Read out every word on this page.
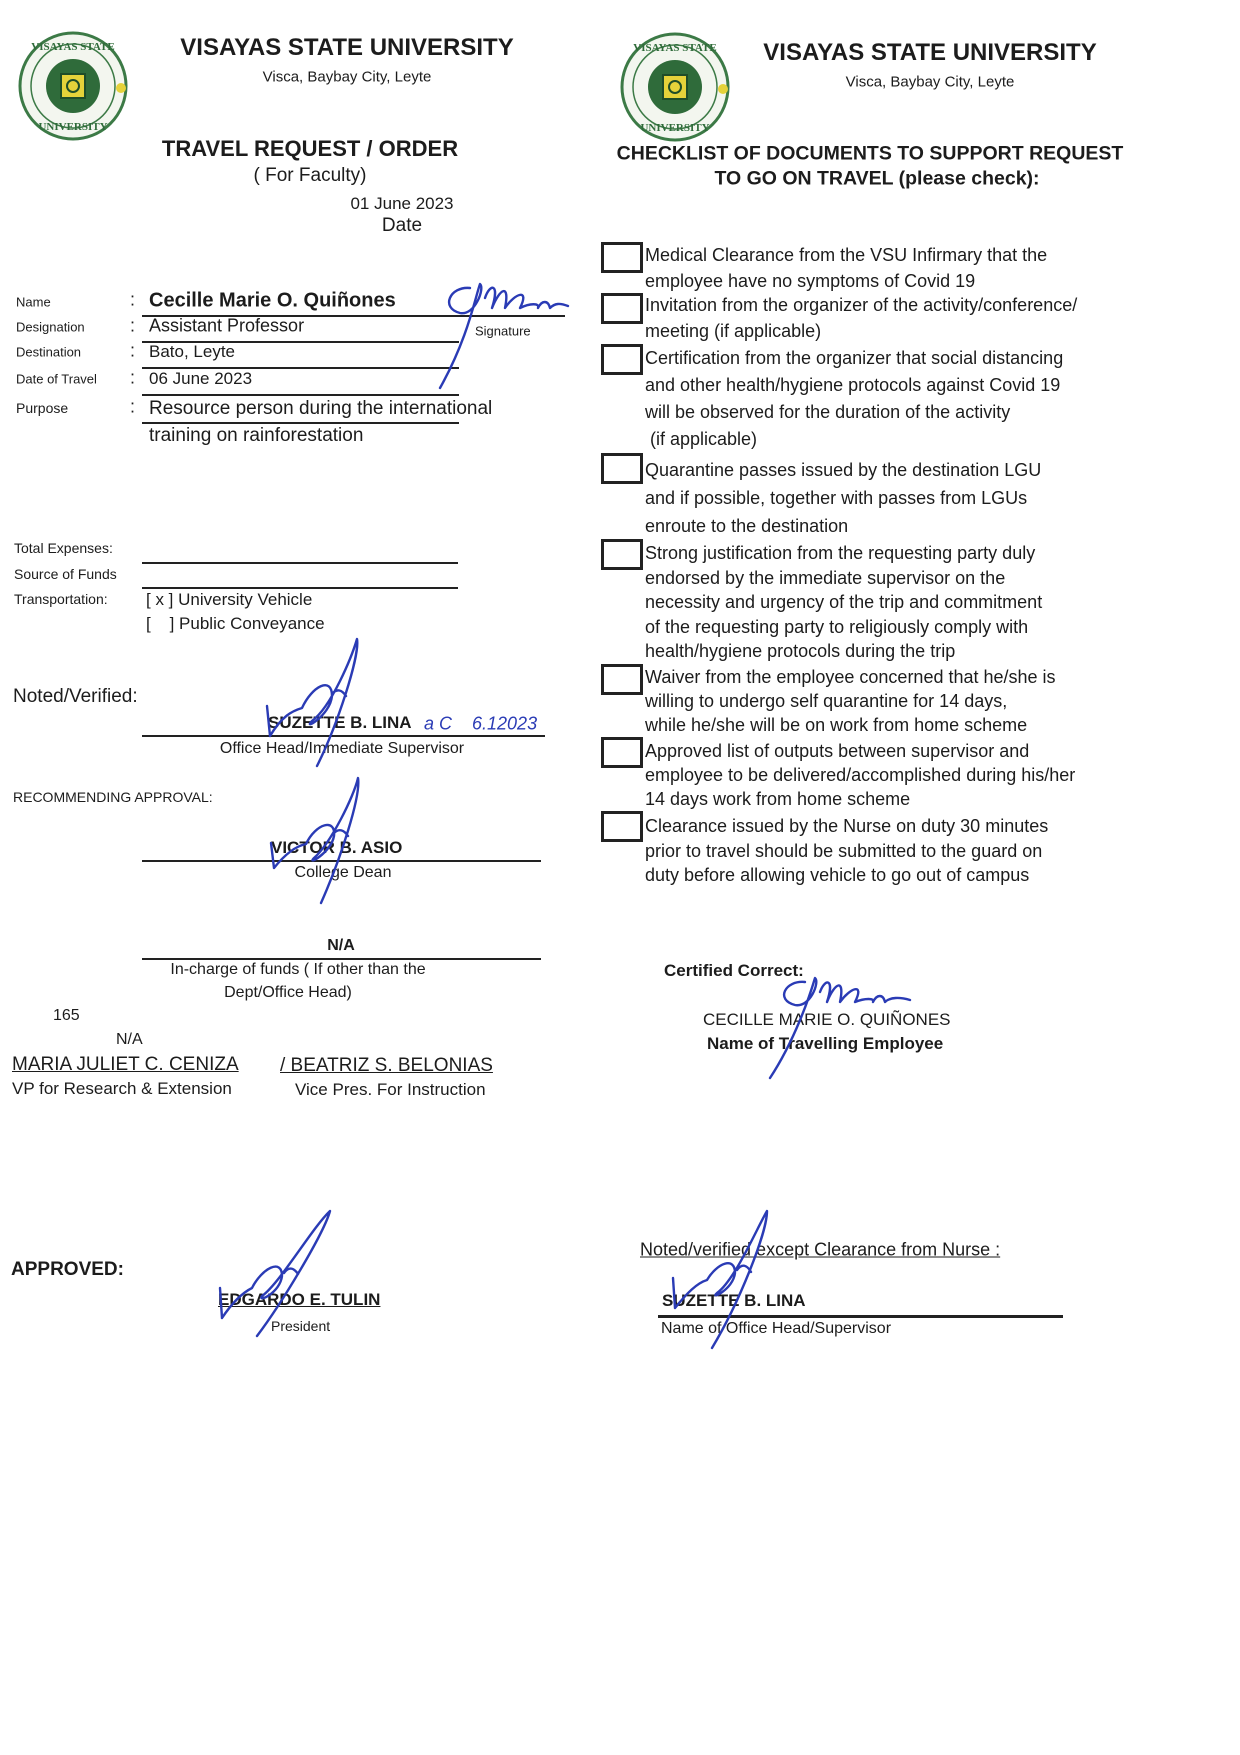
VISAYAS STATE
UNIVERSITY
VISAYAS STATE UNIVERSITY
Visca, Baybay City, Leyte
TRAVEL REQUEST / ORDER
( For Faculty)
01 June 2023
Date
Name	: Cecille Marie O. Quiñones
Signature
Designation	: Assistant Professor
Destination	: Bato, Leyte
Date of Travel : 06 June 2023
Purpose	: Resource person during the international
training on rainforestation
Total Expenses:
Source of Funds
Transportation: [ x ] University Vehicle
[    ] Public Conveyance
Noted/Verified:
SUZETTE B. LINA a C    6.12023
Office Head/Immediate Supervisor
RECOMMENDING APPROVAL:
VICTOR B. ASIO
College Dean
N/A
In-charge of funds ( If other than the
Dept/Office Head)
165
N/A
MARIA JULIET C. CENIZA / BEATRIZ S. BELONIAS
VP for Research & Extension	Vice Pres. For Instruction
APPROVED:
EDGARDO E. TULIN
President
VISAYAS STATE
UNIVERSITY
VISAYAS STATE UNIVERSITY
Visca, Baybay City, Leyte
CHECKLIST OF DOCUMENTS TO SUPPORT REQUEST
TO GO ON TRAVEL (please check):
Medical Clearance from the VSU Infirmary that the
employee have no symptoms of Covid 19
Invitation from the organizer of the activity/conference/
meeting (if applicable)
Certification from the organizer that social distancing
and other health/hygiene protocols against Covid 19
will be observed for the duration of the activity
(if applicable)
Quarantine passes issued by the destination LGU
and if possible, together with passes from LGUs
enroute to the destination
Strong justification from the requesting party duly
endorsed by the immediate supervisor on the
necessity and urgency of the trip and commitment
of the requesting party to religiously comply with
health/hygiene protocols during the trip
Waiver from the employee concerned that he/she is
willing to undergo self quarantine for 14 days,
while he/she will be on work from home scheme
Approved list of outputs between supervisor and
employee to be delivered/accomplished during his/her
14 days work from home scheme
Clearance issued by the Nurse on duty 30 minutes
prior to travel should be submitted to the guard on
duty before allowing vehicle to go out of campus
Certified Correct:
CECILLE MARIE O. QUIÑONES
Name of Travelling Employee
Noted/verified except Clearance from Nurse :
SUZETTE B. LINA
Name of Office Head/Supervisor
